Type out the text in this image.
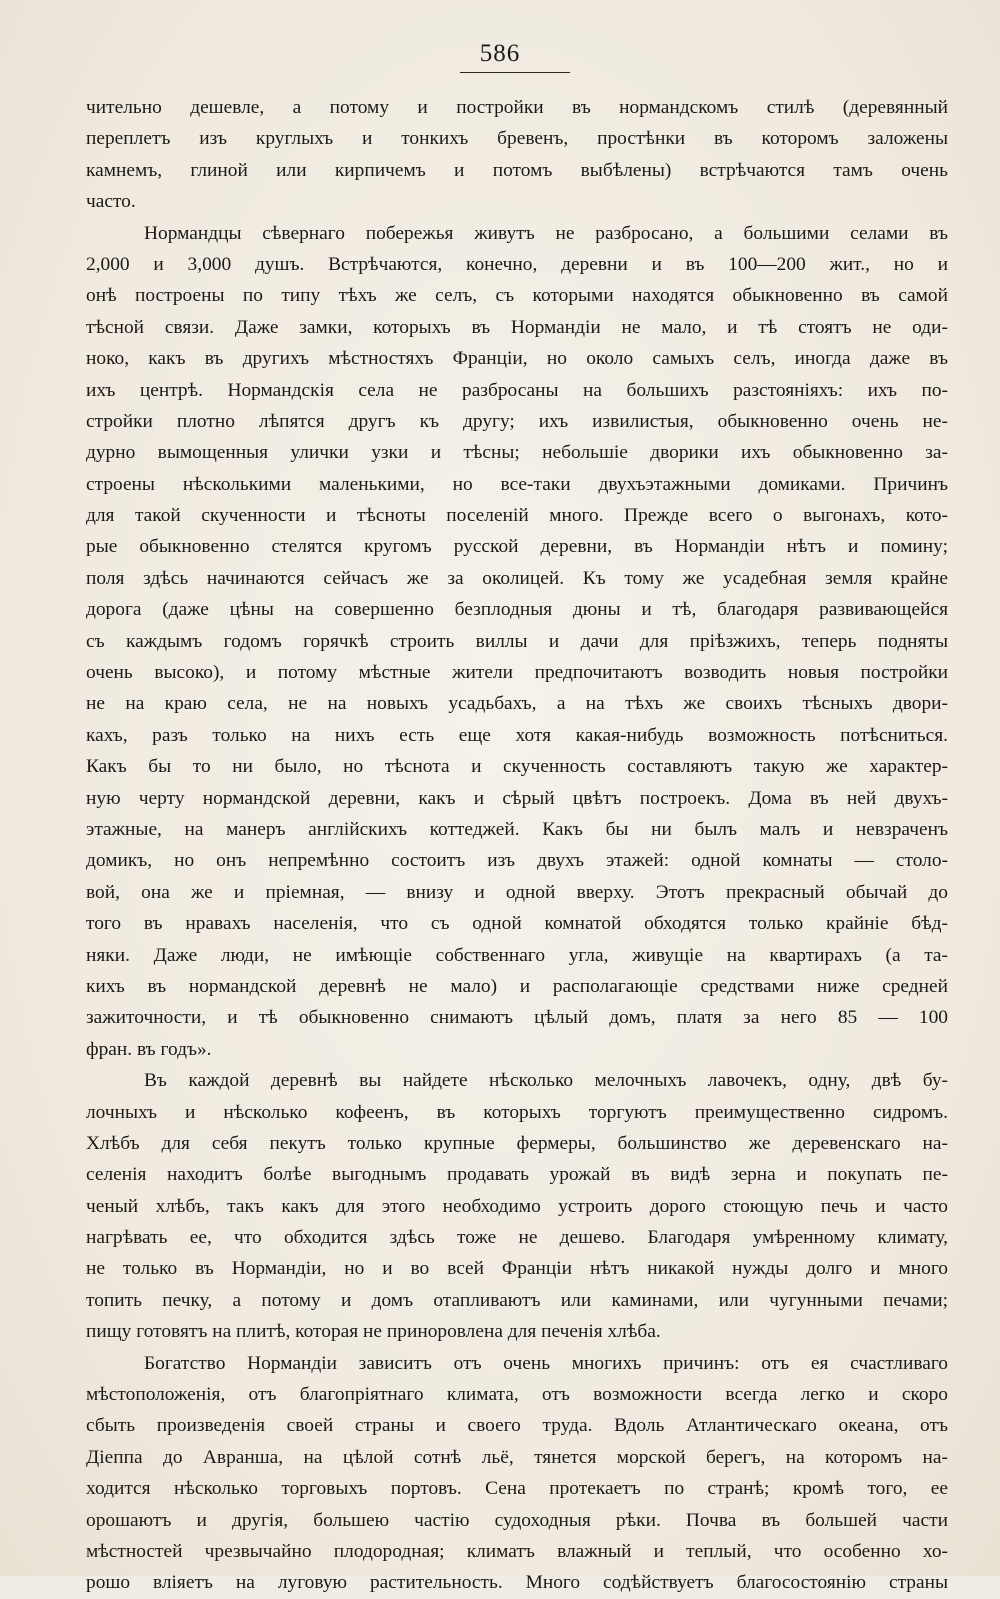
586
чительно дешевле, а потому и постройки въ нормандскомъ стилѣ (деревянный
переплетъ изъ круглыхъ и тонкихъ бревенъ, простѣнки въ которомъ заложены
камнемъ, глиной или кирпичемъ и потомъ выбѣлены) встрѣчаются тамъ очень
часто.
Нормандцы сѣвернаго побережья живутъ не разбросано, а большими селами въ
2,000 и 3,000 душъ. Встрѣчаются, конечно, деревни и въ 100—200 жит., но и
онѣ построены по типу тѣхъ же селъ, съ которыми находятся обыкновенно въ самой
тѣсной связи. Даже замки, которыхъ въ Нормандіи не мало, и тѣ стоятъ не оди-
ноко, какъ въ другихъ мѣстностяхъ Франціи, но около самыхъ селъ, иногда даже въ
ихъ центрѣ. Нормандскія села не разбросаны на большихъ разстояніяхъ: ихъ по-
стройки плотно лѣпятся другъ къ другу; ихъ извилистыя, обыкновенно очень не-
дурно вымощенныя улички узки и тѣсны; небольшіе дворики ихъ обыкновенно за-
строены нѣсколькими маленькими, но все-таки двухъэтажными домиками. Причинъ
для такой скученности и тѣсноты поселеній много. Прежде всего о выгонахъ, кото-
рые обыкновенно стелятся кругомъ русской деревни, въ Нормандіи нѣтъ и помину;
поля здѣсь начинаются сейчасъ же за околицей. Къ тому же усадебная земля крайне
дорога (даже цѣны на совершенно безплодныя дюны и тѣ, благодаря развивающейся
съ каждымъ годомъ горячкѣ строить виллы и дачи для пріѣзжихъ, теперь подняты
очень высоко), и потому мѣстные жители предпочитаютъ возводить новыя постройки
не на краю села, не на новыхъ усадьбахъ, а на тѣхъ же своихъ тѣсныхъ двори-
кахъ, разъ только на нихъ есть еще хотя какая-нибудь возможность потѣсниться.
Какъ бы то ни было, но тѣснота и скученность составляютъ такую же характер-
ную черту нормандской деревни, какъ и сѣрый цвѣтъ построекъ. Дома въ ней двухъ-
этажные, на манеръ англійскихъ коттеджей. Какъ бы ни былъ малъ и невзраченъ
домикъ, но онъ непремѣнно состоитъ изъ двухъ этажей: одной комнаты — столо-
вой, она же и пріемная, — внизу и одной вверху. Этотъ прекрасный обычай до
того въ нравахъ населенія, что съ одной комнатой обходятся только крайніе бѣд-
няки. Даже люди, не имѣющіе собственнаго угла, живущіе на квартирахъ (а та-
кихъ въ нормандской деревнѣ не мало) и располагающіе средствами ниже средней
зажиточности, и тѣ обыкновенно снимаютъ цѣлый домъ, платя за него 85 — 100
фран. въ годъ».
Въ каждой деревнѣ вы найдете нѣсколько мелочныхъ лавочекъ, одну, двѣ бу-
лочныхъ и нѣсколько кофеенъ, въ которыхъ торгуютъ преимущественно сидромъ.
Хлѣбъ для себя пекутъ только крупные фермеры, большинство же деревенскаго на-
селенія находитъ болѣе выгоднымъ продавать урожай въ видѣ зерна и покупать пе-
ченый хлѣбъ, такъ какъ для этого необходимо устроить дорого стоющую печь и часто
нагрѣвать ее, что обходится здѣсь тоже не дешево. Благодаря умѣренному климату,
не только въ Нормандіи, но и во всей Франціи нѣтъ никакой нужды долго и много
топить печку, а потому и домъ отапливаютъ или каминами, или чугунными печами;
пищу готовятъ на плитѣ, которая не приноровлена для печенія хлѣба.
Богатство Нормандіи зависитъ отъ очень многихъ причинъ: отъ ея счастливаго
мѣстоположенія, отъ благопріятнаго климата, отъ возможности всегда легко и скоро
сбыть произведенія своей страны и своего труда. Вдоль Атлантическаго океана, отъ
Діеппа до Авранша, на цѣлой сотнѣ льё, тянется морской берегъ, на которомъ на-
ходится нѣсколько торговыхъ портовъ. Сена протекаетъ по странѣ; кромѣ того, ее
орошаютъ и другія, большею частію судоходныя рѣки. Почва въ большей части
мѣстностей чрезвычайно плодородная; климатъ влажный и теплый, что особенно хо-
рошо вліяетъ на луговую растительность. Много содѣйствуетъ благосостоянію страны
